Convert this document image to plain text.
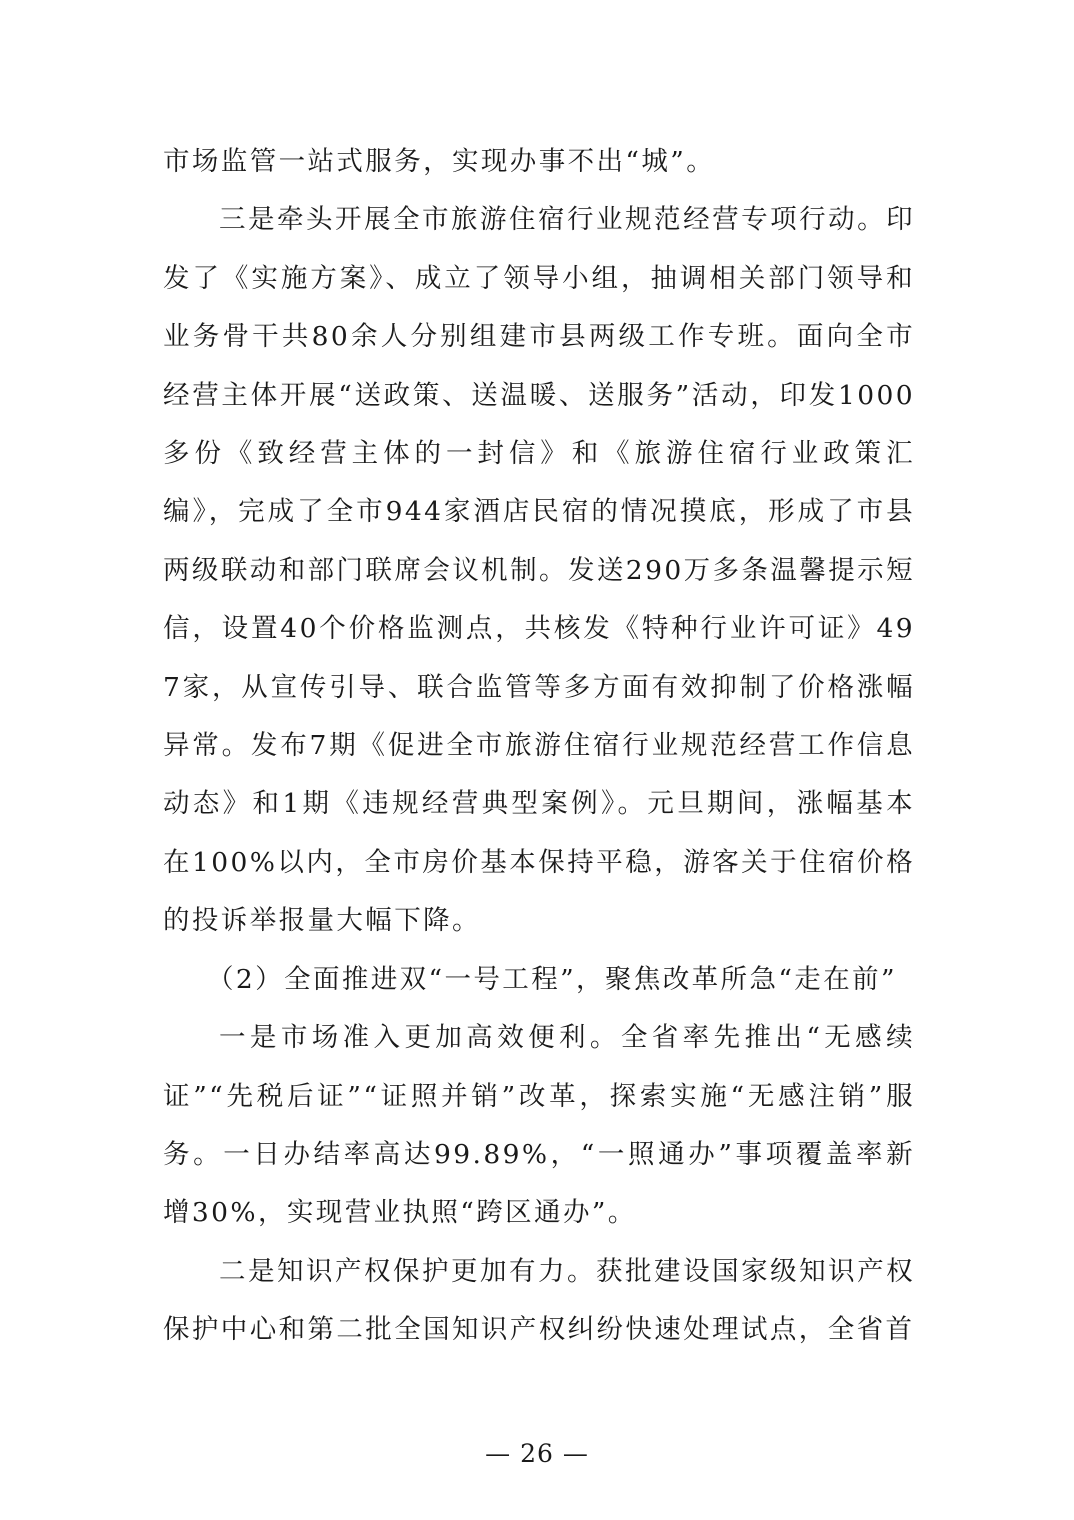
市场监管一站式服务，实现办事不出“城”。

三是牵头开展全市旅游住宿行业规范经营专项行动。印发了《实施方案》、成立了领导小组，抽调相关部门领导和业务骨干共80余人分别组建市县两级工作专班。面向全市经营主体开展“送政策、送温暖、送服务”活动，印发1000多份《致经营主体的一封信》和《旅游住宿行业政策汇编》，完成了全市944家酒店民宿的情况摸底，形成了市县两级联动和部门联席会议机制。发送290万多条温馨提示短信，设置40个价格监测点，共核发《特种行业许可证》497家，从宣传引导、联合监管等多方面有效抑制了价格涨幅异常。发布7期《促进全市旅游住宿行业规范经营工作信息动态》和1期《违规经营典型案例》。元旦期间，涨幅基本在100%以内，全市房价基本保持平稳，游客关于住宿价格的投诉举报量大幅下降。

（2）全面推进双“一号工程”，聚焦改革所急“走在前”

一是市场准入更加高效便利。全省率先推出“无感续证”“先税后证”“证照并销”改革，探索实施“无感注销”服务。一日办结率高达99.89%，“一照通办”事项覆盖率新增30%，实现营业执照“跨区通办”。

二是知识产权保护更加有力。获批建设国家级知识产权保护中心和第二批全国知识产权纠纷快速处理试点，全省首

— 26 —
